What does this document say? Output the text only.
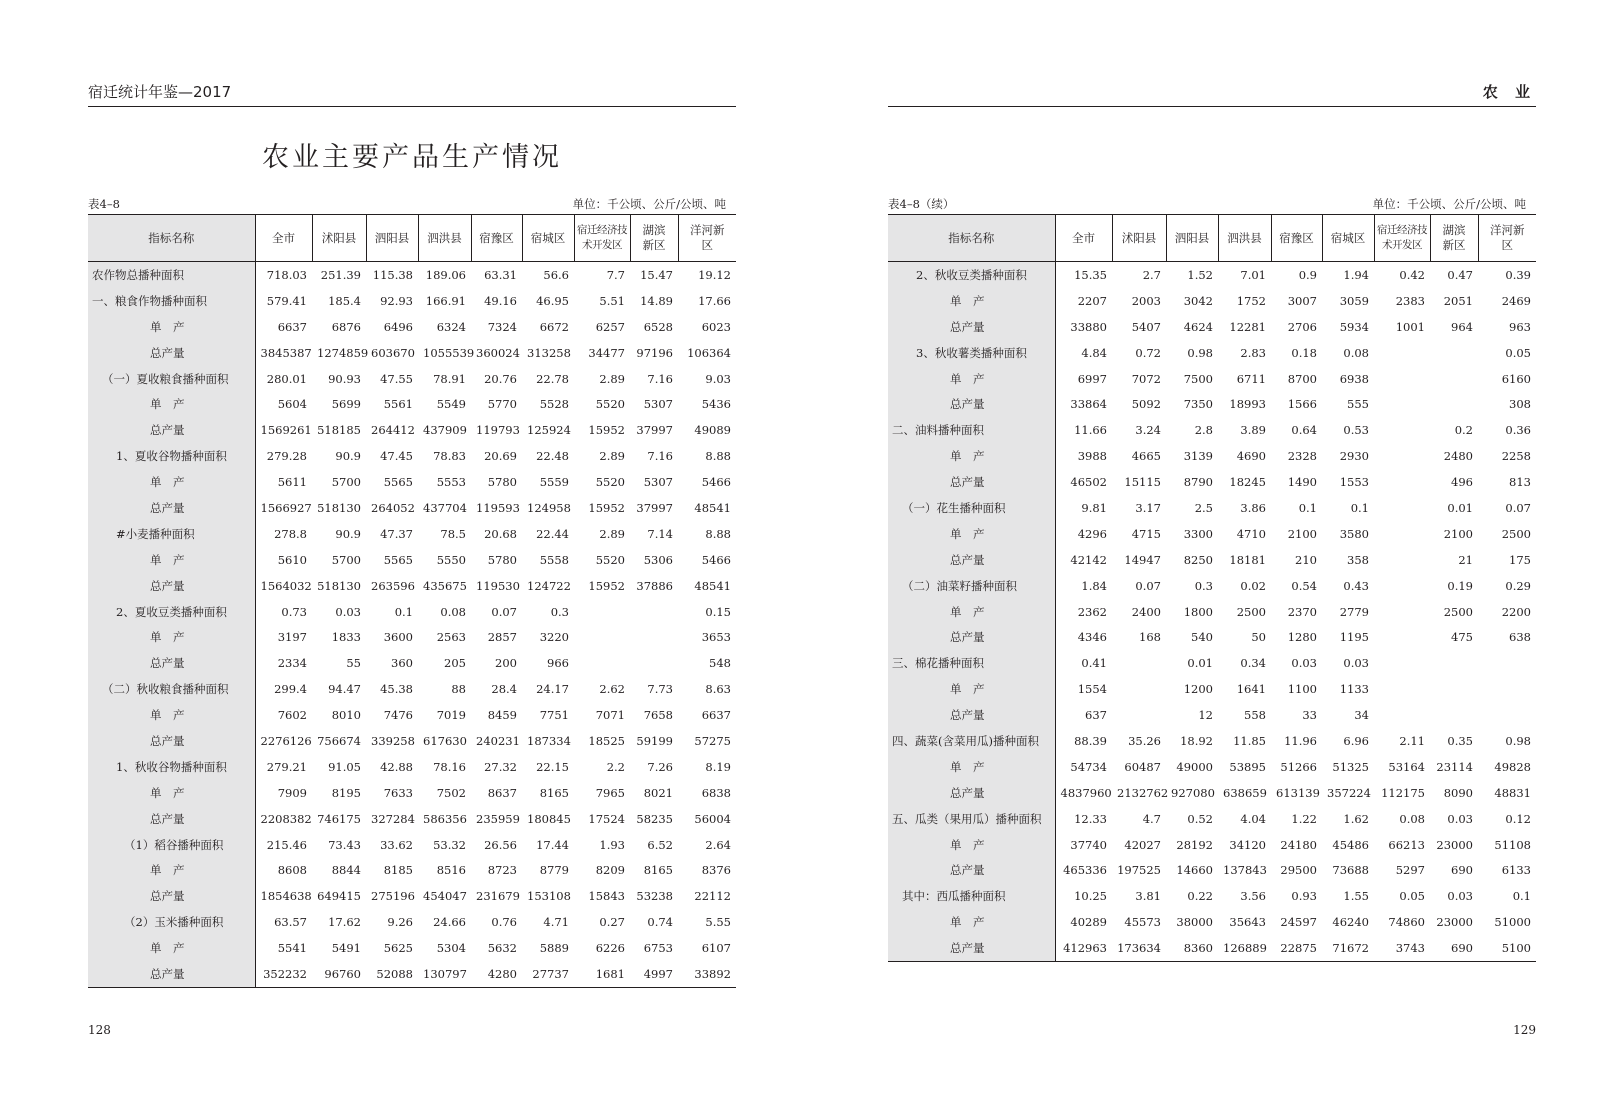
宿迁统计年鉴—2017
农业主要产品生产情况
表4–8	单位：千公顷、公斤/公顷、吨
指标名称	全市	沭阳县	泗阳县	泗洪县	宿豫区	宿城区	宿迁经济技术开发区	湖滨新区	洋河新区
农作物总播种面积	718.03	251.39	115.38	189.06	63.31	56.6	7.7	15.47	19.12
一、粮食作物播种面积	579.41	185.4	92.93	166.91	49.16	46.95	5.51	14.89	17.66
单　产	6637	6876	6496	6324	7324	6672	6257	6528	6023
总产量	3845387	1274859	603670	1055539	360024	313258	34477	97196	106364
（一）夏收粮食播种面积	280.01	90.93	47.55	78.91	20.76	22.78	2.89	7.16	9.03
单　产	5604	5699	5561	5549	5770	5528	5520	5307	5436
总产量	1569261	518185	264412	437909	119793	125924	15952	37997	49089
1、夏收谷物播种面积	279.28	90.9	47.45	78.83	20.69	22.48	2.89	7.16	8.88
单　产	5611	5700	5565	5553	5780	5559	5520	5307	5466
总产量	1566927	518130	264052	437704	119593	124958	15952	37997	48541
#小麦播种面积	278.8	90.9	47.37	78.5	20.68	22.44	2.89	7.14	8.88
单　产	5610	5700	5565	5550	5780	5558	5520	5306	5466
总产量	1564032	518130	263596	435675	119530	124722	15952	37886	48541
2、夏收豆类播种面积	0.73	0.03	0.1	0.08	0.07	0.3			0.15
单　产	3197	1833	3600	2563	2857	3220			3653
总产量	2334	55	360	205	200	966			548
（二）秋收粮食播种面积	299.4	94.47	45.38	88	28.4	24.17	2.62	7.73	8.63
单　产	7602	8010	7476	7019	8459	7751	7071	7658	6637
总产量	2276126	756674	339258	617630	240231	187334	18525	59199	57275
1、秋收谷物播种面积	279.21	91.05	42.88	78.16	27.32	22.15	2.2	7.26	8.19
单　产	7909	8195	7633	7502	8637	8165	7965	8021	6838
总产量	2208382	746175	327284	586356	235959	180845	17524	58235	56004
（1）稻谷播种面积	215.46	73.43	33.62	53.32	26.56	17.44	1.93	6.52	2.64
单　产	8608	8844	8185	8516	8723	8779	8209	8165	8376
总产量	1854638	649415	275196	454047	231679	153108	15843	53238	22112
（2）玉米播种面积	63.57	17.62	9.26	24.66	0.76	4.71	0.27	0.74	5.55
单　产	5541	5491	5625	5304	5632	5889	6226	6753	6107
总产量	352232	96760	52088	130797	4280	27737	1681	4997	33892
128
农 业
表4–8（续）	单位：千公顷、公斤/公顷、吨
指标名称	全市	沭阳县	泗阳县	泗洪县	宿豫区	宿城区	宿迁经济技术开发区	湖滨新区	洋河新区
2、秋收豆类播种面积	15.35	2.7	1.52	7.01	0.9	1.94	0.42	0.47	0.39
单　产	2207	2003	3042	1752	3007	3059	2383	2051	2469
总产量	33880	5407	4624	12281	2706	5934	1001	964	963
3、秋收薯类播种面积	4.84	0.72	0.98	2.83	0.18	0.08			0.05
单　产	6997	7072	7500	6711	8700	6938			6160
总产量	33864	5092	7350	18993	1566	555			308
二、油料播种面积	11.66	3.24	2.8	3.89	0.64	0.53		0.2	0.36
单　产	3988	4665	3139	4690	2328	2930		2480	2258
总产量	46502	15115	8790	18245	1490	1553		496	813
（一）花生播种面积	9.81	3.17	2.5	3.86	0.1	0.1		0.01	0.07
单　产	4296	4715	3300	4710	2100	3580		2100	2500
总产量	42142	14947	8250	18181	210	358		21	175
（二）油菜籽播种面积	1.84	0.07	0.3	0.02	0.54	0.43		0.19	0.29
单　产	2362	2400	1800	2500	2370	2779		2500	2200
总产量	4346	168	540	50	1280	1195		475	638
三、棉花播种面积	0.41		0.01	0.34	0.03	0.03			
单　产	1554		1200	1641	1100	1133			
总产量	637		12	558	33	34			
四、蔬菜(含菜用瓜)播种面积	88.39	35.26	18.92	11.85	11.96	6.96	2.11	0.35	0.98
单　产	54734	60487	49000	53895	51266	51325	53164	23114	49828
总产量	4837960	2132762	927080	638659	613139	357224	112175	8090	48831
五、瓜类（果用瓜）播种面积	12.33	4.7	0.52	4.04	1.22	1.62	0.08	0.03	0.12
单　产	37740	42027	28192	34120	24180	45486	66213	23000	51108
总产量	465336	197525	14660	137843	29500	73688	5297	690	6133
其中：西瓜播种面积	10.25	3.81	0.22	3.56	0.93	1.55	0.05	0.03	0.1
单　产	40289	45573	38000	35643	24597	46240	74860	23000	51000
总产量	412963	173634	8360	126889	22875	71672	3743	690	5100
129
